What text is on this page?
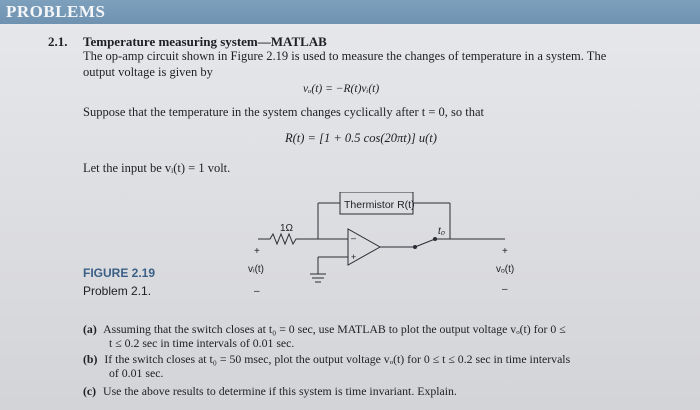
PROBLEMS
2.1. Temperature measuring system—MATLAB
The op-amp circuit shown in Figure 2.19 is used to measure the changes of temperature in a system. The
output voltage is given by
vₒ(t) = −R(t)vᵢ(t)
Suppose that the temperature in the system changes cyclically after t = 0, so that
R(t) = [1 + 0.5 cos(20πt)] u(t)
Let the input be vᵢ(t) = 1 volt.
Thermistor R(t)
1Ω
–
+
t₀
+
vᵢ(t)
–
+
vₒ(t)
–
FIGURE 2.19
Problem 2.1.
(a) Assuming that the switch closes at t₀ = 0 sec, use MATLAB to plot the output voltage vₒ(t) for 0 ≤
t ≤ 0.2 sec in time intervals of 0.01 sec.
(b) If the switch closes at t₀ = 50 msec, plot the output voltage vₒ(t) for 0 ≤ t ≤ 0.2 sec in time intervals
of 0.01 sec.
(c) Use the above results to determine if this system is time invariant. Explain.
